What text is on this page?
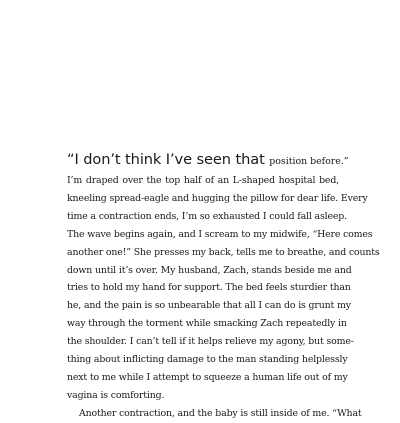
“I don’t think I’ve seen that position before.”

I’m draped over the top half of an L-shaped hospital bed,
kneeling spread-eagle and hugging the pillow for dear life. Every
time a contraction ends, I’m so exhausted I could fall asleep.
The wave begins again, and I scream to my midwife, “Here comes
another one!” She presses my back, tells me to breathe, and counts
down until it’s over. My husband, Zach, stands beside me and
tries to hold my hand for support. The bed feels sturdier than
he, and the pain is so unbearable that all I can do is grunt my
way through the torment while smacking Zach repeatedly in
the shoulder. I can’t tell if it helps relieve my agony, but some-
thing about inflicting damage to the man standing helplessly
next to me while I attempt to squeeze a human life out of my
vagina is comforting.

Another contraction, and the baby is still inside of me. “What
